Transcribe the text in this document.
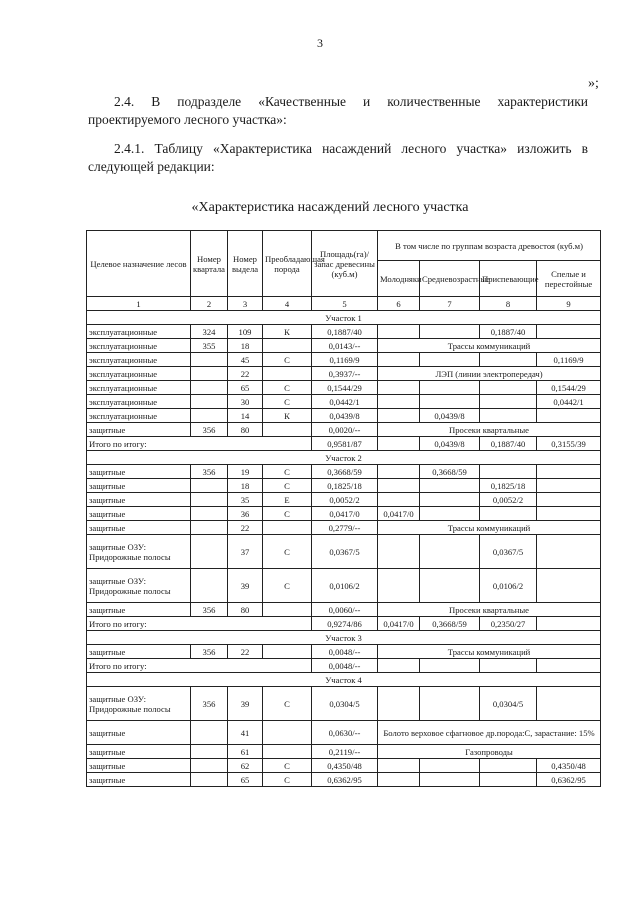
3
»;
2.4. В подразделе «Качественные и количественные характеристики проектируемого лесного участка»:
2.4.1. Таблицу «Характеристика насаждений лесного участка» изложить в следующей редакции:
«Характеристика насаждений лесного участка
Целевое назначение лесов	Номер квартала	Номер выдела	Преобладающая порода	Площадь(га)/ запас древесины (куб.м)	В том числе по группам возраста древостоя (куб.м)			
					Молодняки	Средневозрастные	Приспевающие	Спелые и перестойные
1	2	3	4	5	6	7	8	9
Участок 1								
эксплуатационные	324	109	К	0,1887/40			0,1887/40	
эксплуатационные	355	18		0,0143/--	Трассы коммуникаций			
эксплуатационные		45	С	0,1169/9				0,1169/9
эксплуатационные		22		0,3937/--	ЛЭП (линии электропередач)			
эксплуатационные		65	С	0,1544/29				0,1544/29
эксплуатационные		30	С	0,0442/1				0,0442/1
эксплуатационные		14	К	0,0439/8		0,0439/8		
защитные	356	80		0,0020/--	Просеки квартальные			
Итого по итогу:				0,9581/87		0,0439/8	0,1887/40	0,3155/39
Участок 2								
защитные	356	19	С	0,3668/59		0,3668/59		
защитные		18	С	0,1825/18			0,1825/18	
защитные		35	Е	0,0052/2			0,0052/2	
защитные		36	С	0,0417/0	0,0417/0			
защитные		22		0,2779/--	Трассы коммуникаций			
защитные ОЗУ: Придорожные полосы		37	С	0,0367/5			0,0367/5	
защитные ОЗУ: Придорожные полосы		39	С	0,0106/2			0,0106/2	
защитные	356	80		0,0060/--	Просеки квартальные			
Итого по итогу:				0,9274/86	0,0417/0	0,3668/59	0,2350/27	
Участок 3								
защитные	356	22		0,0048/--	Трассы коммуникаций			
Итого по итогу:				0,0048/--				
Участок 4								
защитные ОЗУ: Придорожные полосы	356	39	С	0,0304/5			0,0304/5	
защитные		41		0,0630/--	Болото верховое сфагновое др.порода:С, зарастание: 15%			
защитные		61		0,2119/--	Газопроводы			
защитные		62	С	0,4350/48				0,4350/48
защитные		65	С	0,6362/95				0,6362/95
